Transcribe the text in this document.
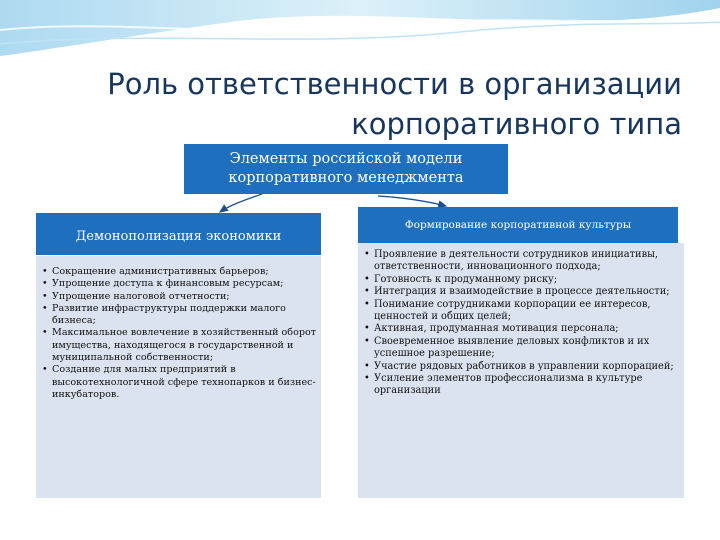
Роль ответственности в организации
корпоративного типа
Элементы российской модели
корпоративного менеджмента
Демонополизация экономики
• Сокращение административных барьеров;
• Упрощение доступа к финансовым ресурсам;
• Упрощение налоговой отчетности;
• Развитие инфраструктуры поддержки малого бизнеса;
• Максимальное вовлечение в хозяйственный оборот имущества, находящегося в государственной и муниципальной собственности;
• Создание для малых предприятий в высокотехнологичной сфере технопарков и бизнес-инкубаторов.
Формирование корпоративной культуры
• Проявление в деятельности сотрудников инициативы, ответственности, инновационного подхода;
• Готовность к продуманному риску;
• Интеграция и взаимодействие в процессе деятельности;
• Понимание сотрудниками корпорации ее интересов, ценностей и общих целей;
• Активная, продуманная мотивация персонала;
• Своевременное выявление деловых конфликтов и их успешное разрешение;
• Участие рядовых работников в управлении корпорацией;
• Усиление элементов профессионализма в культуре организации
